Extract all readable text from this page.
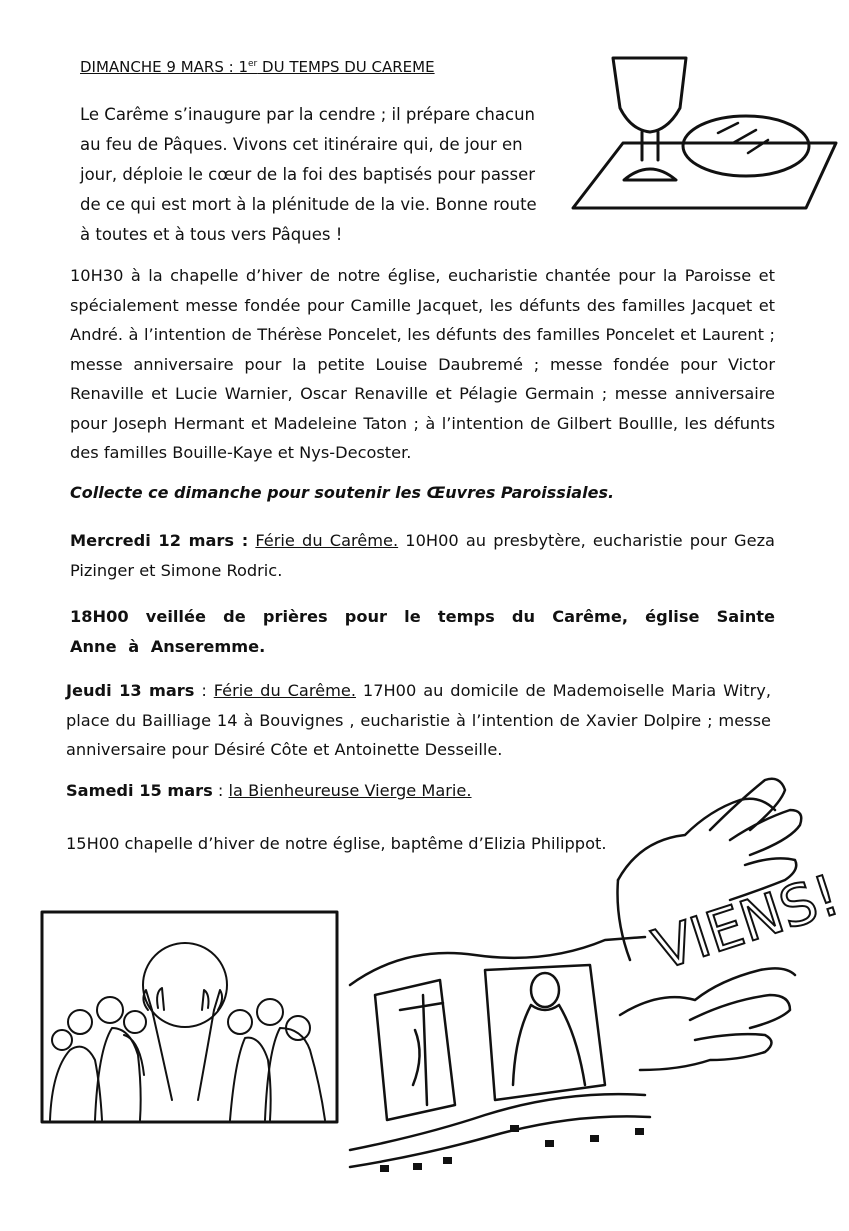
DIMANCHE 9 MARS : 1er DU TEMPS DU CAREME
Le Carême s’inaugure par la cendre ; il prépare chacun au feu de Pâques. Vivons cet itinéraire qui, de jour en jour, déploie le cœur de la foi des baptisés pour passer de ce qui est mort à la plénitude de la vie. Bonne route à toutes et à tous vers Pâques !
10H30 à la chapelle d’hiver de notre église, eucharistie chantée pour la Paroisse et spécialement messe fondée pour Camille Jacquet, les défunts des familles Jacquet et André. à l’intention de Thérèse Poncelet, les défunts des familles Poncelet et Laurent ; messe anniversaire pour la petite Louise Daubremé ; messe fondée pour Victor Renaville et Lucie Warnier, Oscar Renaville et Pélagie Germain ; messe anniversaire pour Joseph Hermant et Madeleine Taton ; à l’intention de Gilbert Boullle, les défunts des familles Bouille-Kaye et Nys-Decoster.
Collecte ce dimanche pour soutenir les Œuvres Paroissiales.
Mercredi 12 mars : Férie du Carême. 10H00 au presbytère, eucharistie pour Geza Pizinger et Simone Rodric.
18H00 veillée de prières pour le temps du Carême, église Sainte Anne à Anseremme.
Jeudi 13 mars : Férie du Carême. 17H00 au domicile de Mademoiselle Maria Witry, place du Bailliage 14 à Bouvignes , eucharistie à l’intention de Xavier Dolpire ; messe anniversaire pour Désiré Côte et Antoinette Desseille.
Samedi 15 mars : la Bienheureuse Vierge Marie.
15H00 chapelle d’hiver de notre église, baptême d’Elizia Philippot.
VIENS!
